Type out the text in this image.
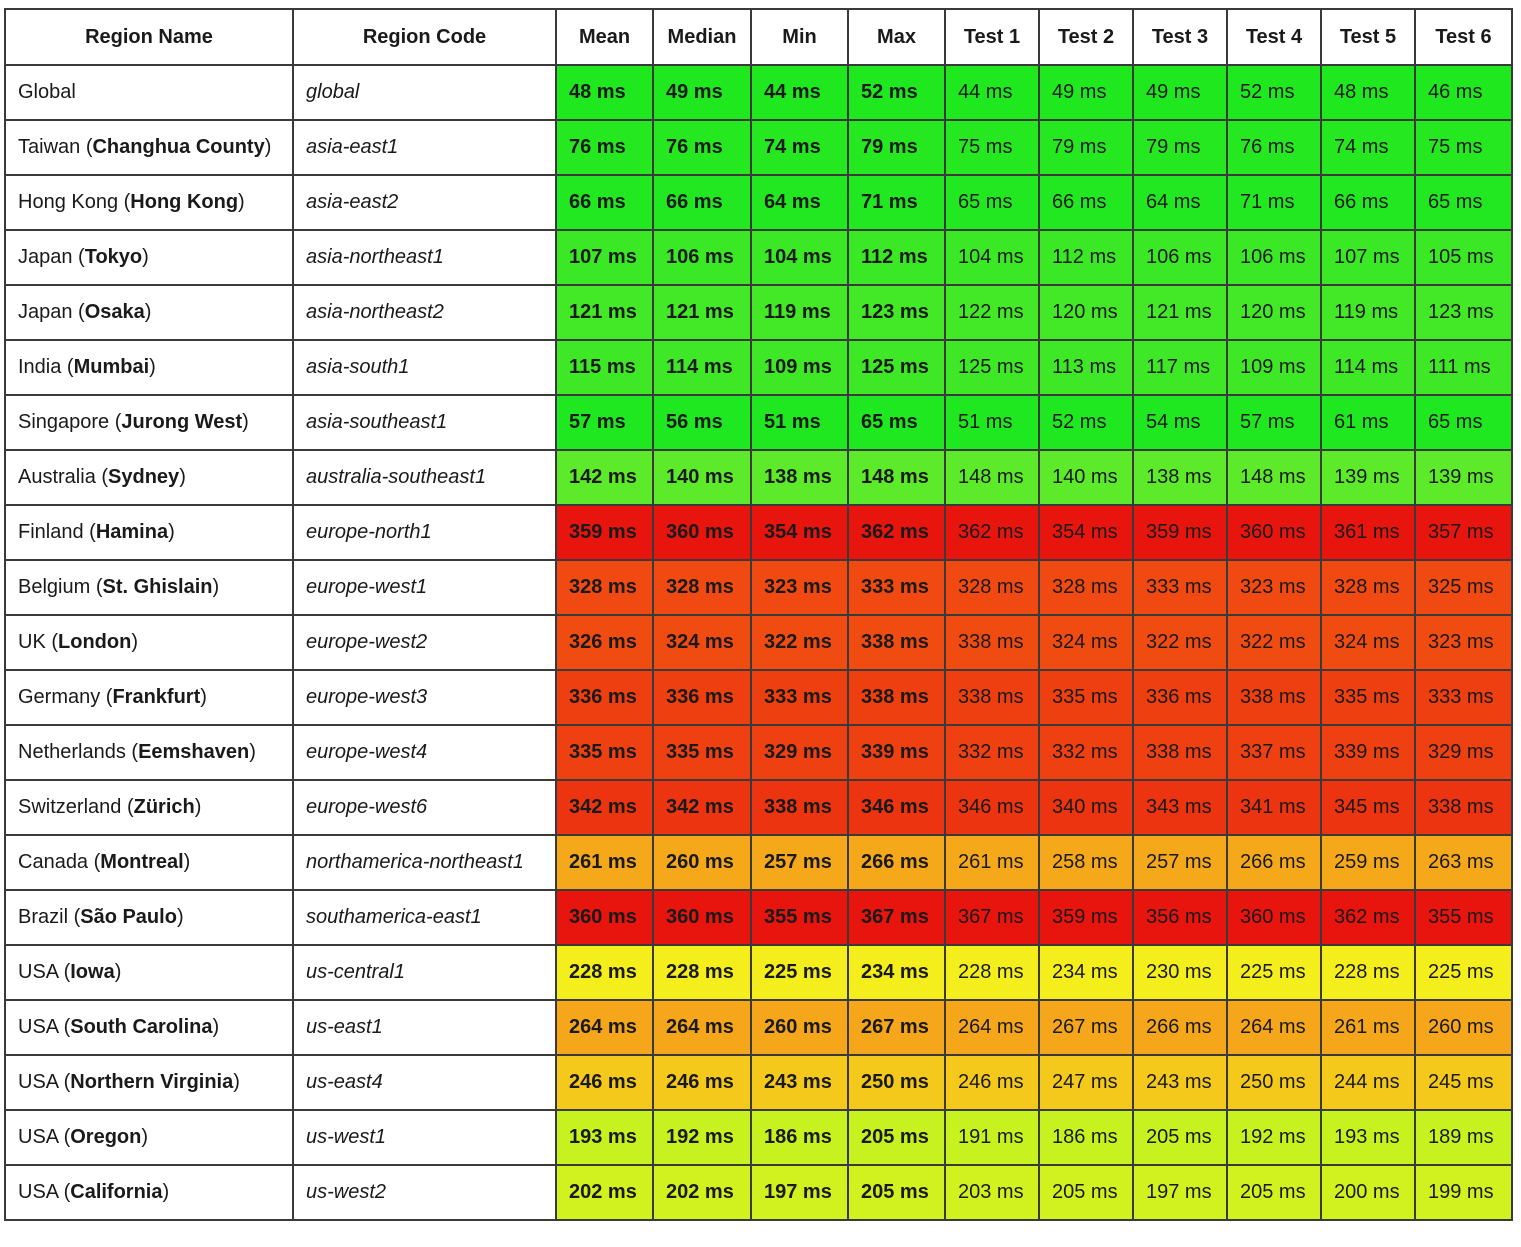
Region Name	Region Code	Mean	Median	Min	Max	Test 1	Test 2	Test 3	Test 4	Test 5	Test 6
Global	global	48 ms	49 ms	44 ms	52 ms	44 ms	49 ms	49 ms	52 ms	48 ms	46 ms
Taiwan (Changhua County)	asia-east1	76 ms	76 ms	74 ms	79 ms	75 ms	79 ms	79 ms	76 ms	74 ms	75 ms
Hong Kong (Hong Kong)	asia-east2	66 ms	66 ms	64 ms	71 ms	65 ms	66 ms	64 ms	71 ms	66 ms	65 ms
Japan (Tokyo)	asia-northeast1	107 ms	106 ms	104 ms	112 ms	104 ms	112 ms	106 ms	106 ms	107 ms	105 ms
Japan (Osaka)	asia-northeast2	121 ms	121 ms	119 ms	123 ms	122 ms	120 ms	121 ms	120 ms	119 ms	123 ms
India (Mumbai)	asia-south1	115 ms	114 ms	109 ms	125 ms	125 ms	113 ms	117 ms	109 ms	114 ms	111 ms
Singapore (Jurong West)	asia-southeast1	57 ms	56 ms	51 ms	65 ms	51 ms	52 ms	54 ms	57 ms	61 ms	65 ms
Australia (Sydney)	australia-southeast1	142 ms	140 ms	138 ms	148 ms	148 ms	140 ms	138 ms	148 ms	139 ms	139 ms
Finland (Hamina)	europe-north1	359 ms	360 ms	354 ms	362 ms	362 ms	354 ms	359 ms	360 ms	361 ms	357 ms
Belgium (St. Ghislain)	europe-west1	328 ms	328 ms	323 ms	333 ms	328 ms	328 ms	333 ms	323 ms	328 ms	325 ms
UK (London)	europe-west2	326 ms	324 ms	322 ms	338 ms	338 ms	324 ms	322 ms	322 ms	324 ms	323 ms
Germany (Frankfurt)	europe-west3	336 ms	336 ms	333 ms	338 ms	338 ms	335 ms	336 ms	338 ms	335 ms	333 ms
Netherlands (Eemshaven)	europe-west4	335 ms	335 ms	329 ms	339 ms	332 ms	332 ms	338 ms	337 ms	339 ms	329 ms
Switzerland (Zürich)	europe-west6	342 ms	342 ms	338 ms	346 ms	346 ms	340 ms	343 ms	341 ms	345 ms	338 ms
Canada (Montreal)	northamerica-northeast1	261 ms	260 ms	257 ms	266 ms	261 ms	258 ms	257 ms	266 ms	259 ms	263 ms
Brazil (São Paulo)	southamerica-east1	360 ms	360 ms	355 ms	367 ms	367 ms	359 ms	356 ms	360 ms	362 ms	355 ms
USA (Iowa)	us-central1	228 ms	228 ms	225 ms	234 ms	228 ms	234 ms	230 ms	225 ms	228 ms	225 ms
USA (South Carolina)	us-east1	264 ms	264 ms	260 ms	267 ms	264 ms	267 ms	266 ms	264 ms	261 ms	260 ms
USA (Northern Virginia)	us-east4	246 ms	246 ms	243 ms	250 ms	246 ms	247 ms	243 ms	250 ms	244 ms	245 ms
USA (Oregon)	us-west1	193 ms	192 ms	186 ms	205 ms	191 ms	186 ms	205 ms	192 ms	193 ms	189 ms
USA (California)	us-west2	202 ms	202 ms	197 ms	205 ms	203 ms	205 ms	197 ms	205 ms	200 ms	199 ms
